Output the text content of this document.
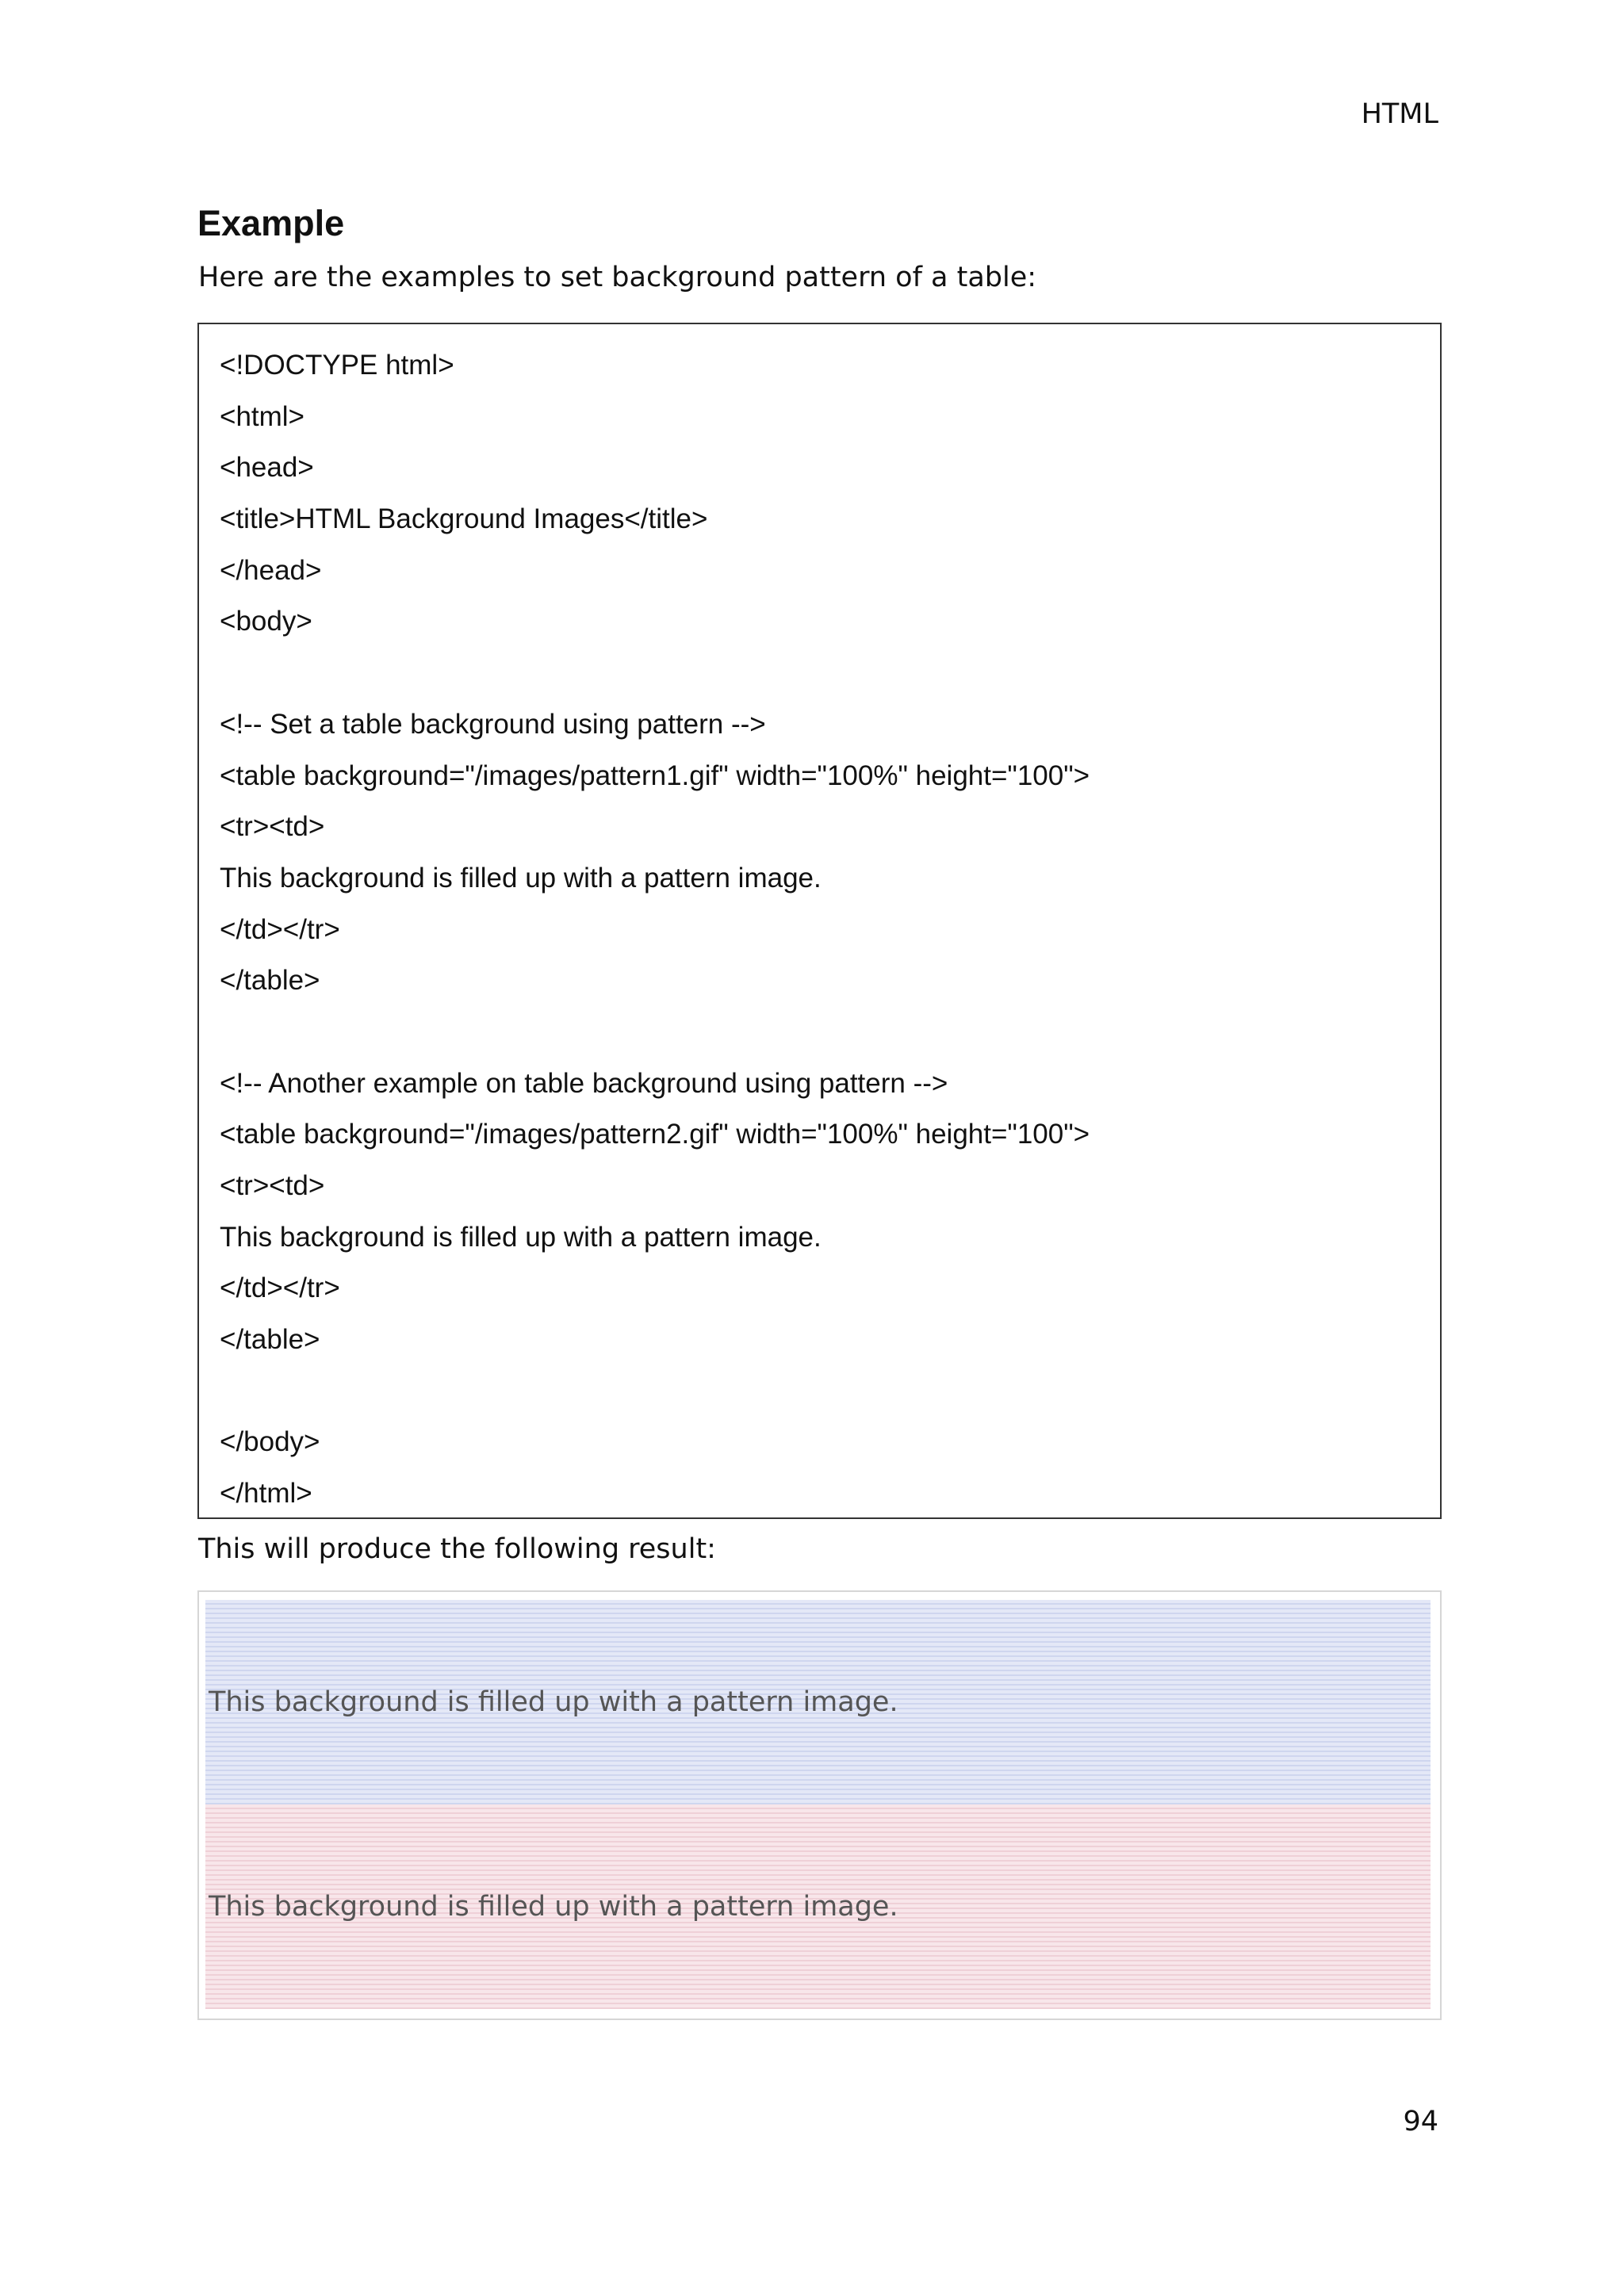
HTML
Example

Here are the examples to set background pattern of a table:

<!DOCTYPE html>
<html>
<head>
<title>HTML Background Images</title>
</head>
<body>
<!-- Set a table background using pattern -->
<table background="/images/pattern1.gif" width="100%" height="100">
<tr><td>
This background is filled up with a pattern image.
</td></tr>
</table>
<!-- Another example on table background using pattern -->
<table background="/images/pattern2.gif" width="100%" height="100">
<tr><td>
This background is filled up with a pattern image.
</td></tr>
</table>
</body>
</html>

This will produce the following result:

This background is filled up with a pattern image.
This background is filled up with a pattern image.
94
